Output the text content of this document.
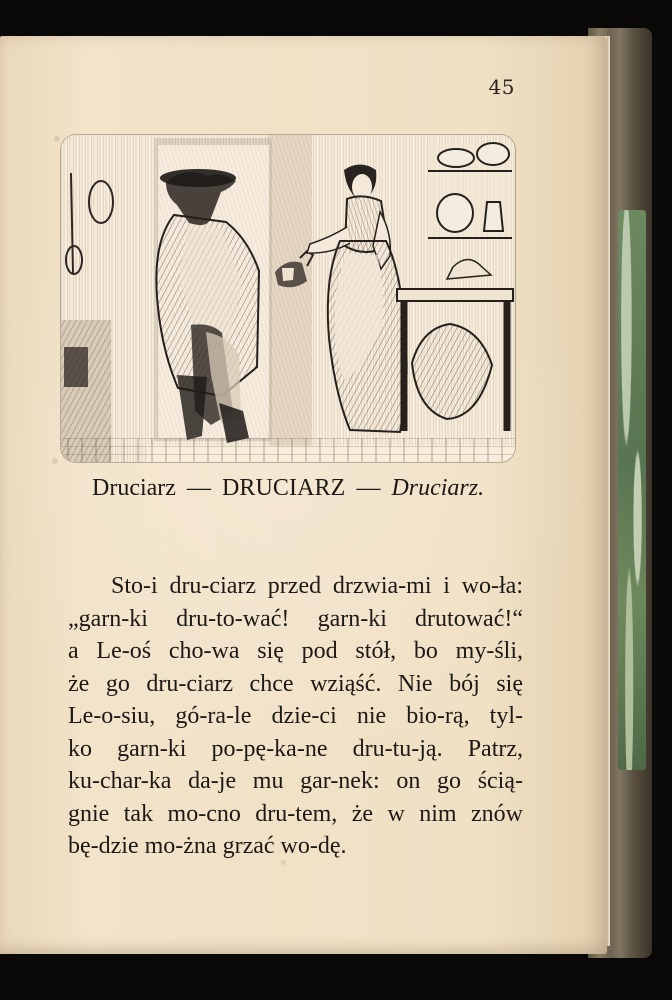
45
Druciarz — DRUCIARZ — Druciarz.
Sto-i dru-ciarz przed drzwia-mi i wo-ła:
„garn-ki dru-to-wać! garn-ki drutować!“
a Le-oś cho-wa się pod stół, bo my-śli,
że go dru-ciarz chce wziąść. Nie bój się
Le-o-siu, gó-ra-le dzie-ci nie bio-rą, tyl-
ko garn-ki po-pę-ka-ne dru-tu-ją. Patrz,
ku-char-ka da-je mu gar-nek: on go ścią-
gnie tak mo-cno dru-tem, że w nim znów
bę-dzie mo-żna grzać wo-dę.
